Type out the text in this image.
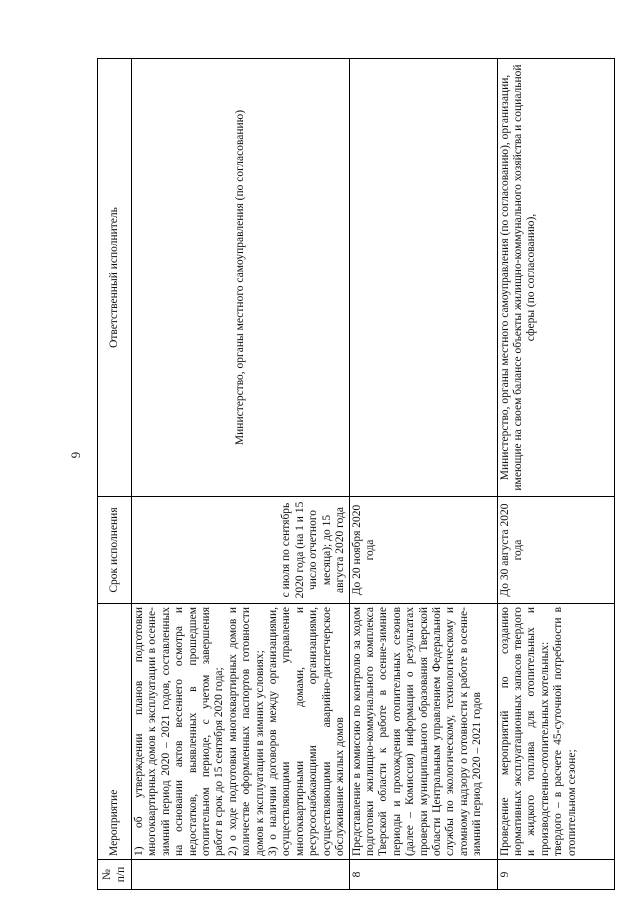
6
№ п/п	Мероприятие	Срок исполнения	Ответственный исполнитель

	1) об утверждении планов подготовки многоквартирных домов к эксплуатации в осенне-зимний период 2020 – 2021 годов, составленных на основании актов весеннего осмотра и недостатков, выявленных в прошедшем отопительном периоде, с учетом завершения работ в срок до 15 сентября 2020 года; 2) о ходе подготовки многоквартирных домов и количестве оформленных паспортов готовности домов к эксплуатации в зимних условиях; 3) о наличии договоров между организациями, осуществляющими управление многоквартирными домами, и ресурсоснабжающими организациями, осуществляющими аварийно-диспетчерское обслуживание жилых домов	с июля по сентябрь 2020 года (на 1 и 15 число отчетного месяца); до 15 августа 2020 года	Министерство, органы местного самоуправления (по согласованию)
8	Представление в комиссию по контролю за ходом подготовки жилищно-коммунального комплекса Тверской области к работе в осенне-зимние периоды и прохождения отопительных сезонов (далее – Комиссия) информации о результатах проверки муниципального образования Тверской области Центральным управлением Федеральной службы по экологическому, технологическому и атомному надзору о готовности к работе в осенне-зимний период 2020 – 2021 годов	До 20 ноября 2020 года	
9	Проведение мероприятий по созданию нормативных эксплуатационных запасов твердого и жидкого топлива для отопительных и производственно-отопительных котельных: твердого – в расчете 45-суточной потребности в отопительном сезоне;	До 30 августа 2020 года	Министерство, органы местного самоуправления (по согласованию), организации, имеющие на своем балансе объекты жилищно-коммунального хозяйства и социальной сферы (по согласованию),
